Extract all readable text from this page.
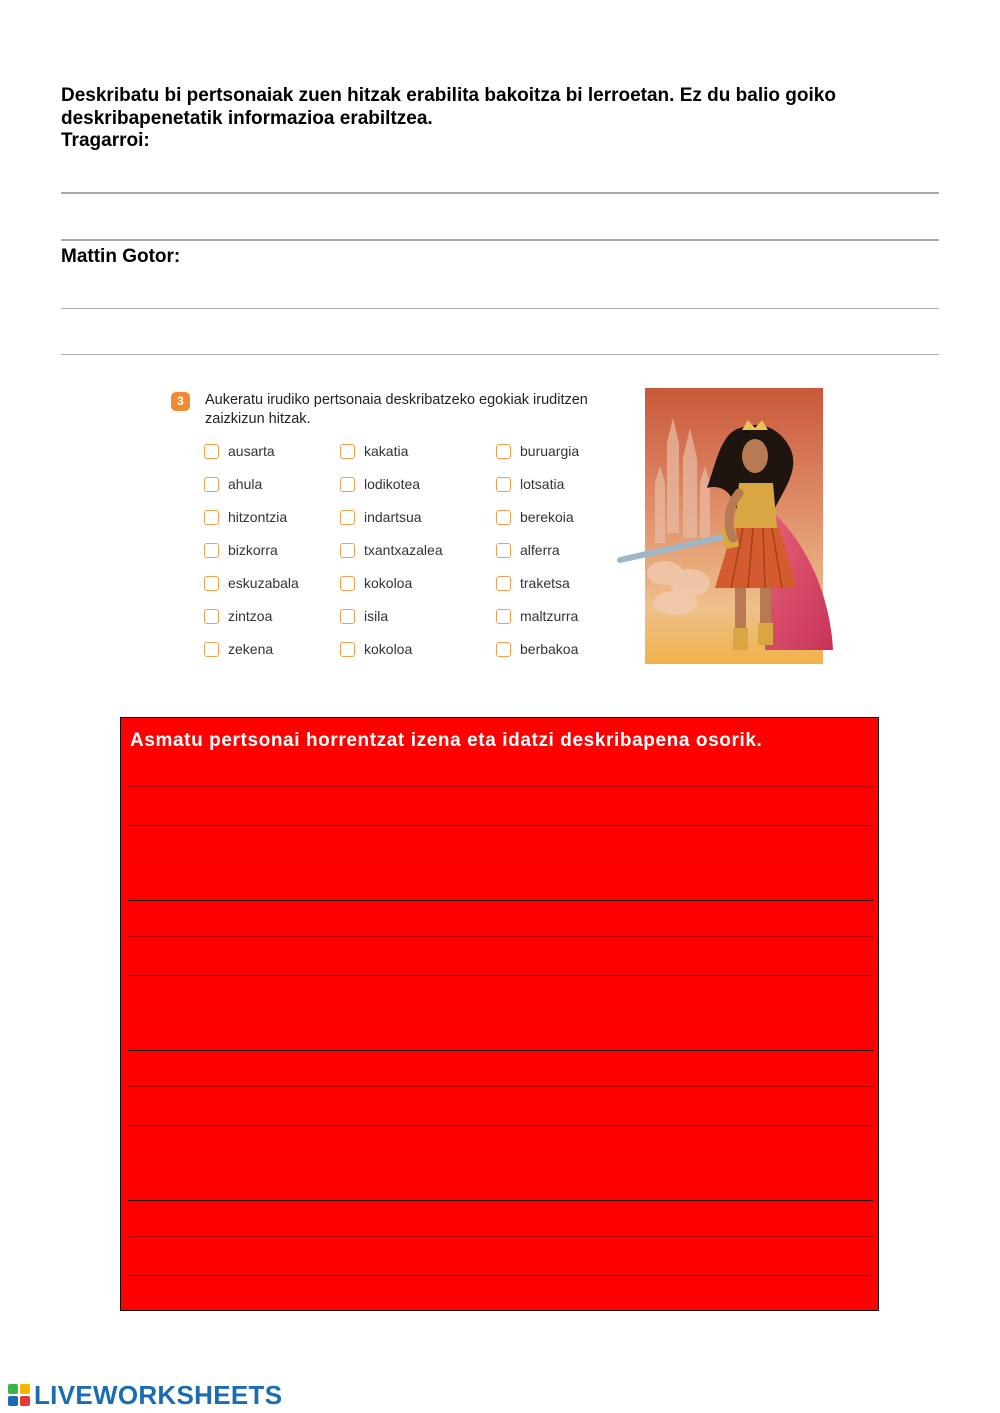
Deskribatu bi pertsonaiak zuen hitzak erabilita bakoitza bi lerroetan. Ez du balio goiko
deskribapenetatik informazioa erabiltzea.
Tragarroi:
Mattin Gotor:
3	Aukeratu irudiko pertsonaia deskribatzeko egokiak iruditzen
zaizkizun hitzak.
ausarta
ahula
hitzontzia
bizkorra
eskuzabala
zintzoa
zekena
kakatia
lodikotea
indartsua
txantxazalea
kokoloa
isila
kokoloa
buruargia
lotsatia
berekoia
alferra
traketsa
maltzurra
berbakoa
Asmatu pertsonai horrentzat izena eta idatzi deskribapena osorik.
LIVEWORKSHEETS
